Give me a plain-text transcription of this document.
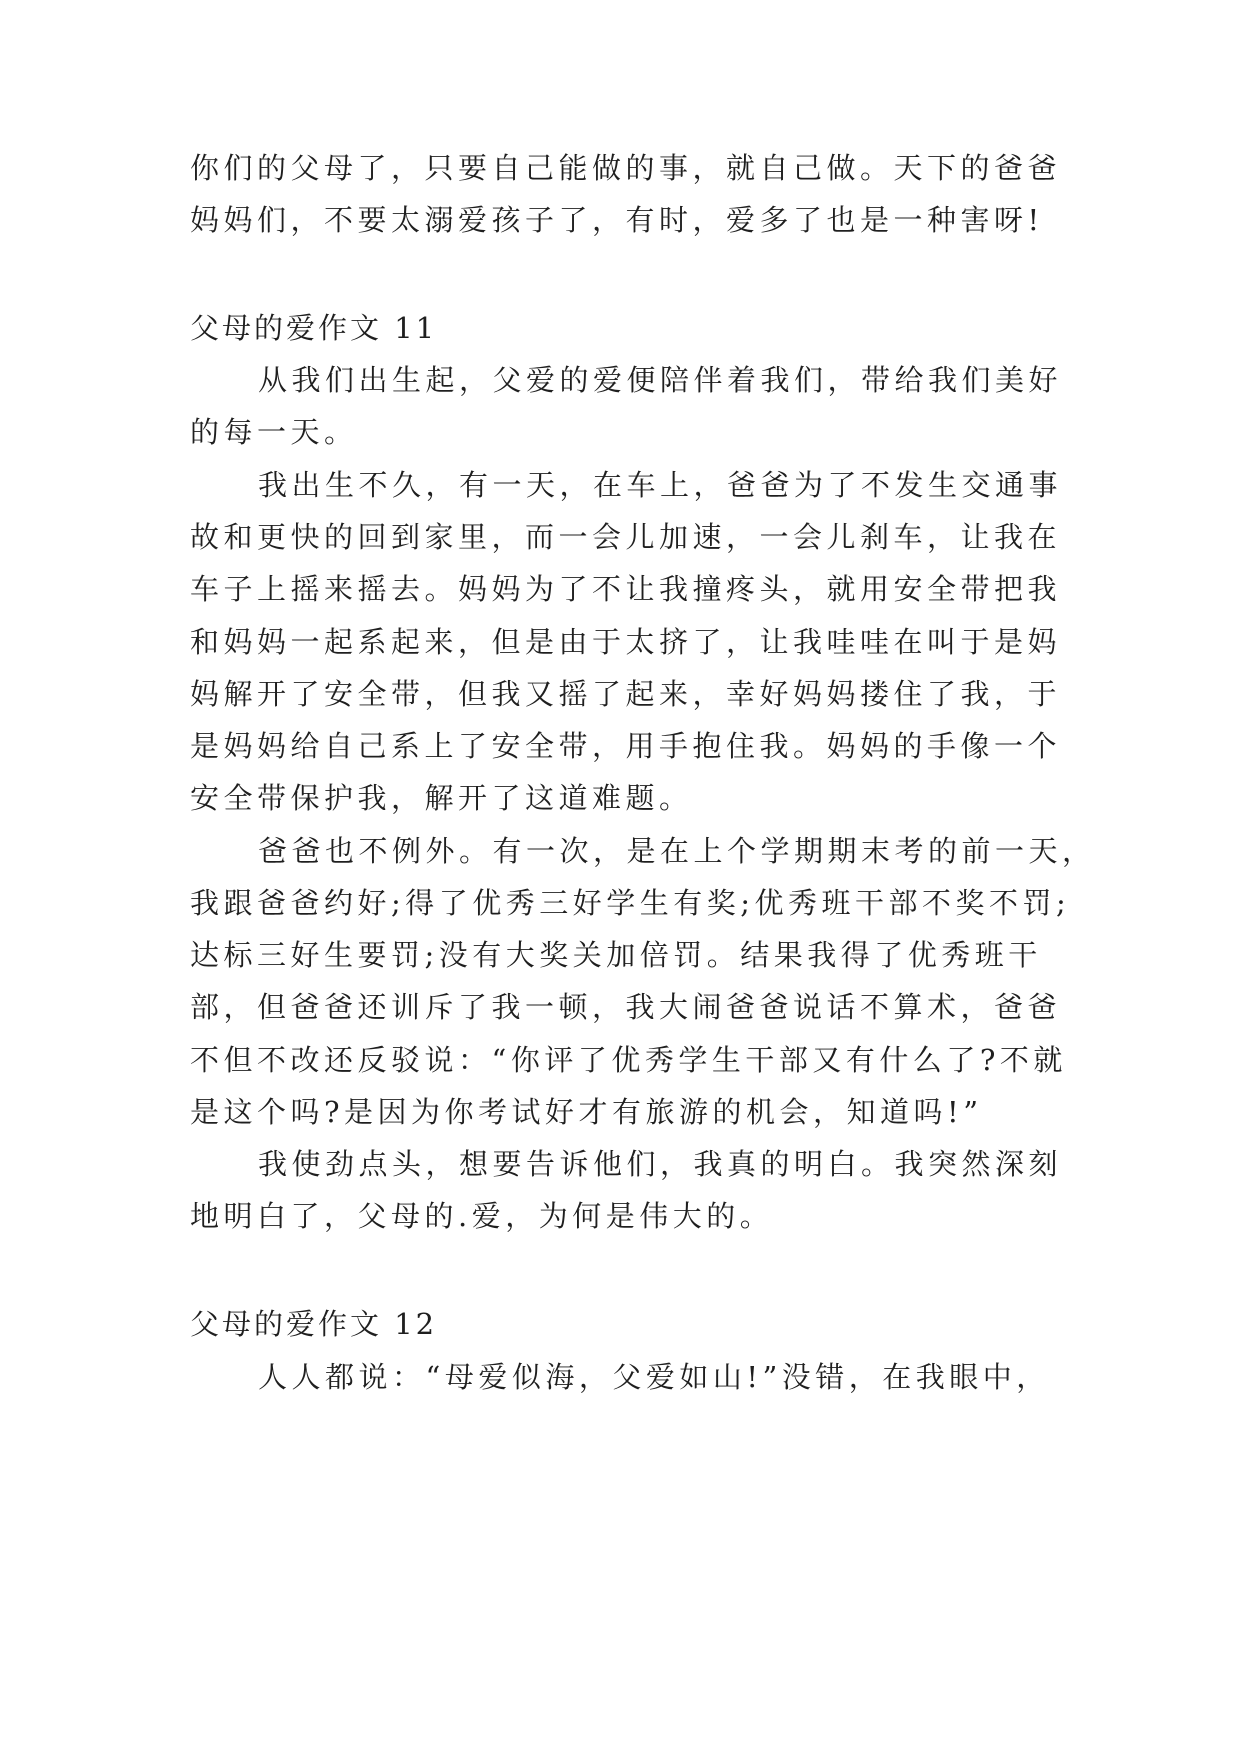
你们的父母了，只要自己能做的事，就自己做。天下的爸爸
妈妈们，不要太溺爱孩子了，有时，爱多了也是一种害呀!
父母的爱作文 11
从我们出生起，父爱的爱便陪伴着我们，带给我们美好
的每一天。
我出生不久，有一天，在车上，爸爸为了不发生交通事
故和更快的回到家里，而一会儿加速，一会儿刹车，让我在
车子上摇来摇去。妈妈为了不让我撞疼头，就用安全带把我
和妈妈一起系起来，但是由于太挤了，让我哇哇在叫于是妈
妈解开了安全带，但我又摇了起来，幸好妈妈搂住了我，于
是妈妈给自己系上了安全带，用手抱住我。妈妈的手像一个
安全带保护我，解开了这道难题。
爸爸也不例外。有一次，是在上个学期期末考的前一天，
我跟爸爸约好;得了优秀三好学生有奖;优秀班干部不奖不罚;
达标三好生要罚;没有大奖关加倍罚。结果我得了优秀班干
部，但爸爸还训斥了我一顿，我大闹爸爸说话不算术，爸爸
不但不改还反驳说：“你评了优秀学生干部又有什么了?不就
是这个吗?是因为你考试好才有旅游的机会，知道吗!”
我使劲点头，想要告诉他们，我真的明白。我突然深刻
地明白了，父母的.爱，为何是伟大的。
父母的爱作文 12
人人都说：“母爱似海，父爱如山!”没错，在我眼中，
